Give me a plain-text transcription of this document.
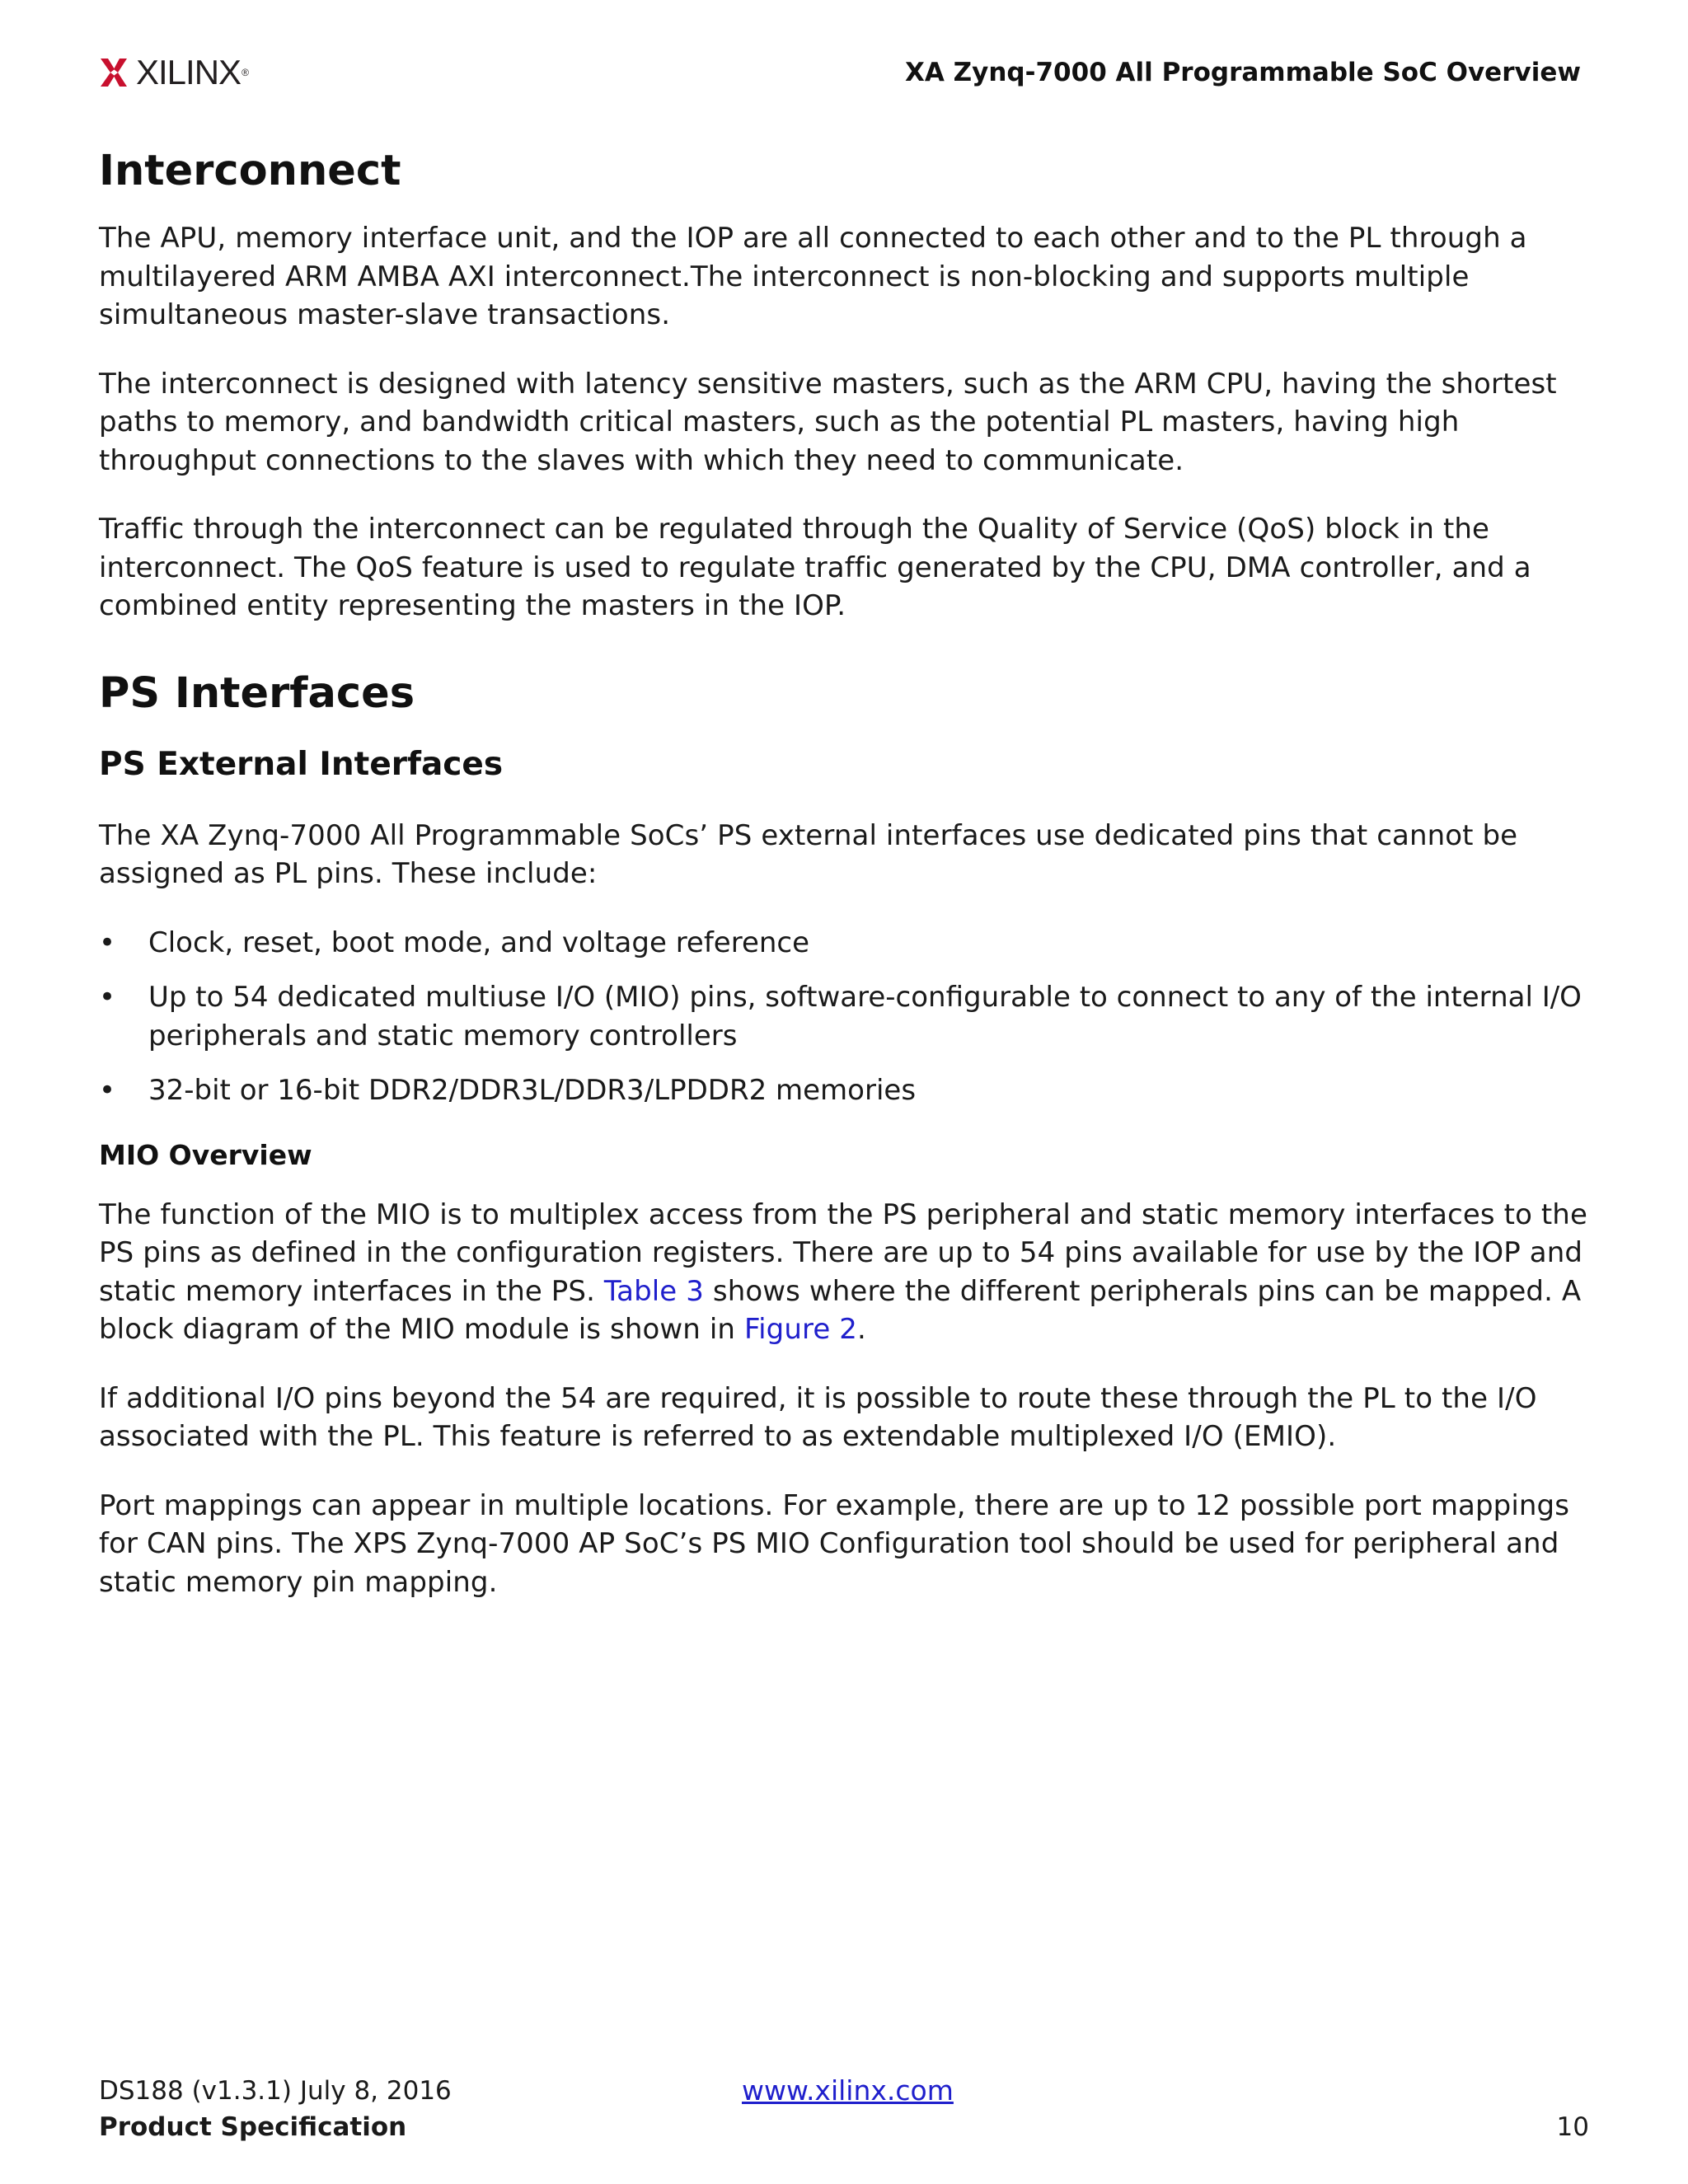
XILINX®	XA Zynq-7000 All Programmable SoC Overview
Interconnect

The APU, memory interface unit, and the IOP are all connected to each other and to the PL through a multilayered ARM AMBA AXI interconnect.The interconnect is non-blocking and supports multiple simultaneous master-slave transactions.

The interconnect is designed with latency sensitive masters, such as the ARM CPU, having the shortest paths to memory, and bandwidth critical masters, such as the potential PL masters, having high throughput connections to the slaves with which they need to communicate.

Traffic through the interconnect can be regulated through the Quality of Service (QoS) block in the interconnect. The QoS feature is used to regulate traffic generated by the CPU, DMA controller, and a combined entity representing the masters in the IOP.

PS Interfaces
PS External Interfaces

The XA Zynq-7000 All Programmable SoCs’ PS external interfaces use dedicated pins that cannot be assigned as PL pins. These include:

• Clock, reset, boot mode, and voltage reference
• Up to 54 dedicated multiuse I/O (MIO) pins, software-configurable to connect to any of the internal I/O peripherals and static memory controllers
• 32-bit or 16-bit DDR2/DDR3L/DDR3/LPDDR2 memories
MIO Overview

The function of the MIO is to multiplex access from the PS peripheral and static memory interfaces to the PS pins as defined in the configuration registers. There are up to 54 pins available for use by the IOP and static memory interfaces in the PS. Table 3 shows where the different peripherals pins can be mapped. A block diagram of the MIO module is shown in Figure 2.

If additional I/O pins beyond the 54 are required, it is possible to route these through the PL to the I/O associated with the PL. This feature is referred to as extendable multiplexed I/O (EMIO).

Port mappings can appear in multiple locations. For example, there are up to 12 possible port mappings for CAN pins. The XPS Zynq-7000 AP SoC’s PS MIO Configuration tool should be used for peripheral and static memory pin mapping.

DS188 (v1.3.1) July 8, 2016
Product Specification
www.xilinx.com
10
